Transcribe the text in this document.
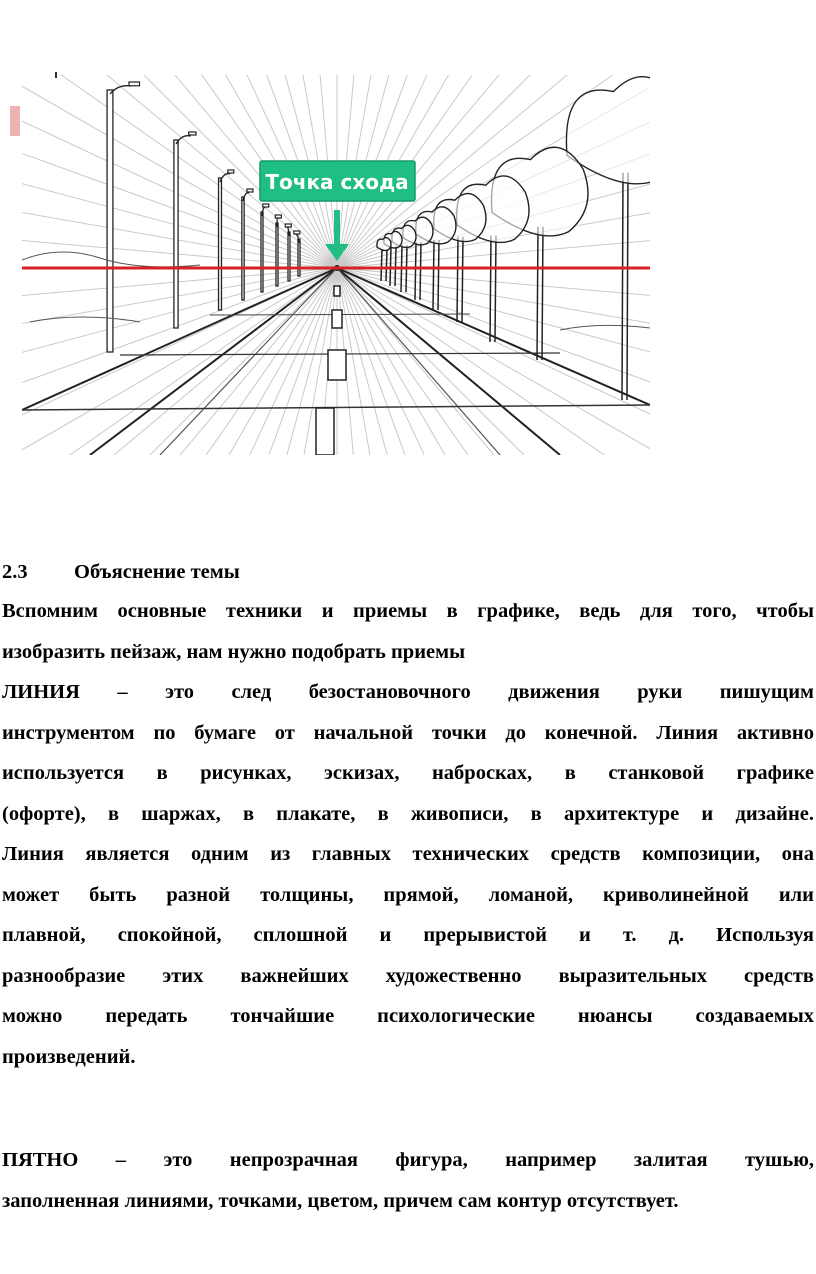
Точка схода
2.3 Объяснение темы
Вспомним основные техники и приемы в графике, ведь для того, чтобы
изобразить пейзаж, нам нужно подобрать приемы
ЛИНИЯ – это след безостановочного движения руки пишущим
инструментом по бумаге от начальной точки до конечной. Линия активно
используется в рисунках, эскизах, набросках, в станковой графике
(офорте), в шаржах, в плакате, в живописи, в архитектуре и дизайне.
Линия является одним из главных технических средств композиции, она
может быть разной толщины, прямой, ломаной, криволинейной или
плавной, спокойной, сплошной и прерывистой и т. д. Используя
разнообразие этих важнейших художественно выразительных средств
можно передать тончайшие психологические нюансы создаваемых
произведений.
ПЯТНО – это непрозрачная фигура, например залитая тушью,
заполненная линиями, точками, цветом, причем сам контур отсутствует.
